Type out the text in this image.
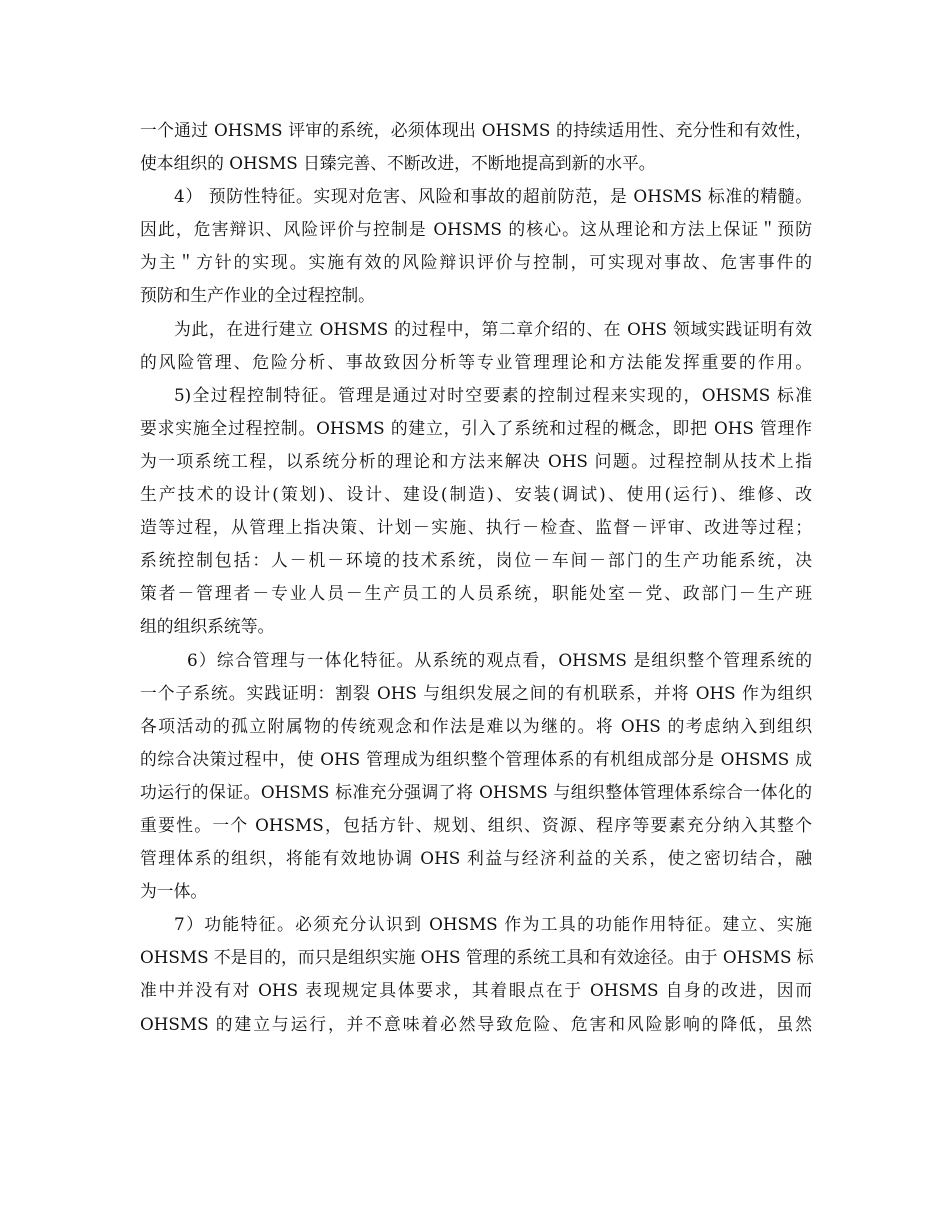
一个通过 OHSMS 评审的系统，必须体现出 OHSMS 的持续适用性、充分性和有效性，
使本组织的 OHSMS 日臻完善、不断改进，不断地提高到新的水平。
4） 预防性特征。实现对危害、风险和事故的超前防范，是 OHSMS 标准的精髓。
因此，危害辩识、风险评价与控制是 OHSMS 的核心。这从理论和方法上保证＂预防
为主＂方针的实现。实施有效的风险辩识评价与控制，可实现对事故、危害事件的
预防和生产作业的全过程控制。
为此，在进行建立 OHSMS 的过程中，第二章介绍的、在 OHS 领域实践证明有效
的风险管理、危险分析、事故致因分析等专业管理理论和方法能发挥重要的作用。
5)全过程控制特征。管理是通过对时空要素的控制过程来实现的，OHSMS 标准
要求实施全过程控制。OHSMS 的建立，引入了系统和过程的概念，即把 OHS 管理作
为一项系统工程，以系统分析的理论和方法来解决 OHS 问题。过程控制从技术上指
生产技术的设计(策划)、设计、建设(制造)、安装(调试)、使用(运行)、维修、改
造等过程，从管理上指决策、计划－实施、执行－检查、监督－评审、改进等过程；
系统控制包括：人－机－环境的技术系统，岗位－车间－部门的生产功能系统，决
策者－管理者－专业人员－生产员工的人员系统，职能处室－党、政部门－生产班
组的组织系统等。
6）综合管理与一体化特征。从系统的观点看，OHSMS 是组织整个管理系统的
一个子系统。实践证明：割裂 OHS 与组织发展之间的有机联系，并将 OHS 作为组织
各项活动的孤立附属物的传统观念和作法是难以为继的。将 OHS 的考虑纳入到组织
的综合决策过程中，使 OHS 管理成为组织整个管理体系的有机组成部分是 OHSMS 成
功运行的保证。OHSMS 标准充分强调了将 OHSMS 与组织整体管理体系综合一体化的
重要性。一个 OHSMS，包括方针、规划、组织、资源、程序等要素充分纳入其整个
管理体系的组织，将能有效地协调 OHS 利益与经济利益的关系，使之密切结合，融
为一体。
7）功能特征。必须充分认识到 OHSMS 作为工具的功能作用特征。建立、实施
OHSMS 不是目的，而只是组织实施 OHS 管理的系统工具和有效途径。由于 OHSMS 标
准中并没有对 OHS 表现规定具体要求，其着眼点在于 OHSMS 自身的改进，因而
OHSMS 的建立与运行，并不意味着必然导致危险、危害和风险影响的降低，虽然
